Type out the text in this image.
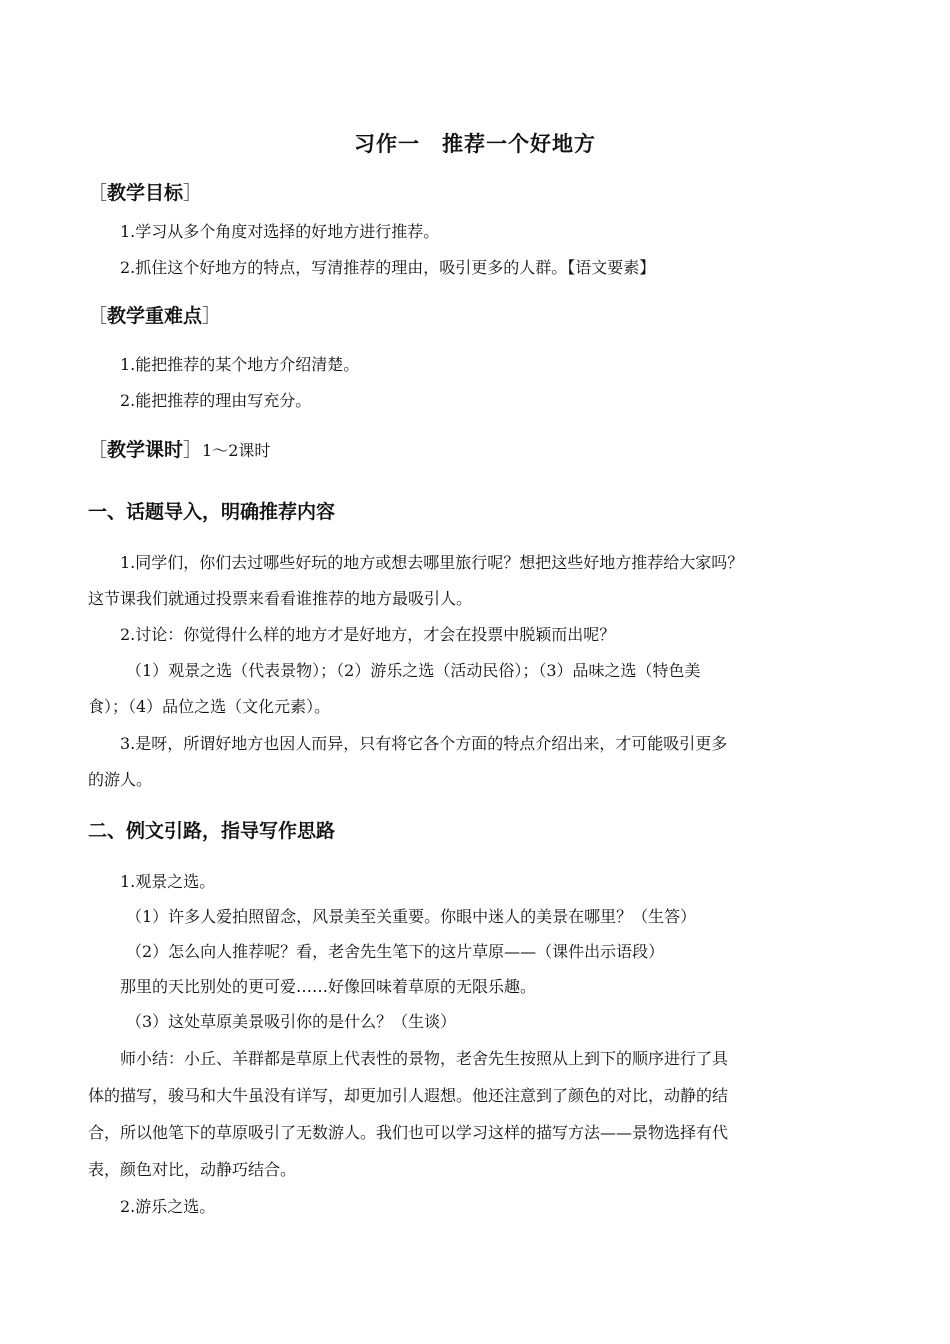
习作一　推荐一个好地方
［教学目标］
1.学习从多个角度对选择的好地方进行推荐。
2.抓住这个好地方的特点，写清推荐的理由，吸引更多的人群。【语文要素】
［教学重难点］
1.能把推荐的某个地方介绍清楚。
2.能把推荐的理由写充分。
［教学课时］1～2课时
一、话题导入，明确推荐内容
1.同学们，你们去过哪些好玩的地方或想去哪里旅行呢？想把这些好地方推荐给大家吗？
这节课我们就通过投票来看看谁推荐的地方最吸引人。
2.讨论：你觉得什么样的地方才是好地方，才会在投票中脱颖而出呢？
（1）观景之选（代表景物）；（2）游乐之选（活动民俗）；（3）品味之选（特色美
食）；（4）品位之选（文化元素）。
3.是呀，所谓好地方也因人而异，只有将它各个方面的特点介绍出来，才可能吸引更多
的游人。
二、例文引路，指导写作思路
1.观景之选。
（1）许多人爱拍照留念，风景美至关重要。你眼中迷人的美景在哪里？（生答）
（2）怎么向人推荐呢？看，老舍先生笔下的这片草原——（课件出示语段）
那里的天比别处的更可爱……好像回味着草原的无限乐趣。
（3）这处草原美景吸引你的是什么？（生谈）
师小结：小丘、羊群都是草原上代表性的景物，老舍先生按照从上到下的顺序进行了具
体的描写，骏马和大牛虽没有详写，却更加引人遐想。他还注意到了颜色的对比，动静的结
合，所以他笔下的草原吸引了无数游人。我们也可以学习这样的描写方法——景物选择有代
表，颜色对比，动静巧结合。
2.游乐之选。
